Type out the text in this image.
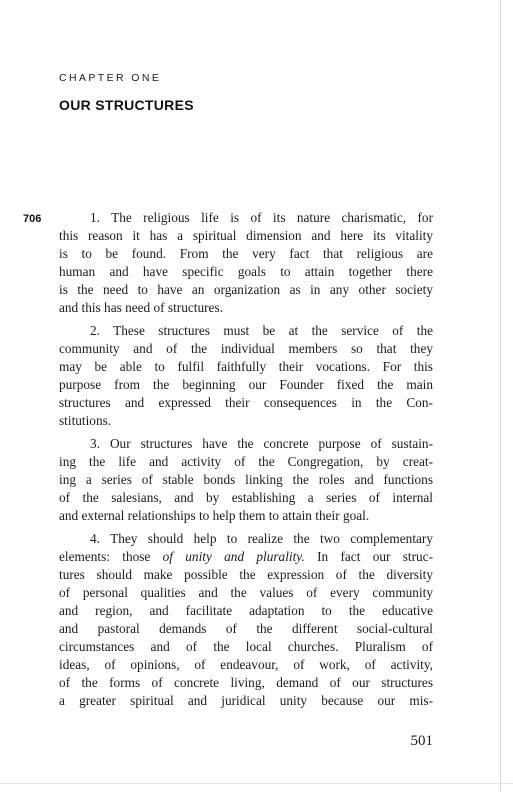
CHAPTER ONE
OUR STRUCTURES
706	1. The religious life is of its nature charismatic, for
this reason it has a spiritual dimension and here its vitality
is to be found. From the very fact that religious are
human and have specific goals to attain together there
is the need to have an organization as in any other society
and this has need of structures.
2. These structures must be at the service of the
community and of the individual members so that they
may be able to fulfil faithfully their vocations. For this
purpose from the beginning our Founder fixed the main
structures and expressed their consequences in the Con-
stitutions.
3. Our structures have the concrete purpose of sustain-
ing the life and activity of the Congregation, by creat-
ing a series of stable bonds linking the roles and functions
of the salesians, and by establishing a series of internal
and external relationships to help them to attain their goal.
4. They should help to realize the two complementary
elements: those of unity and plurality. In fact our struc-
tures should make possible the expression of the diversity
of personal qualities and the values of every community
and region, and facilitate adaptation to the educative
and pastoral demands of the different social-cultural
circumstances and of the local churches. Pluralism of
ideas, of opinions, of endeavour, of work, of activity,
of the forms of concrete living, demand of our structures
a greater spiritual and juridical unity because our mis-
501
